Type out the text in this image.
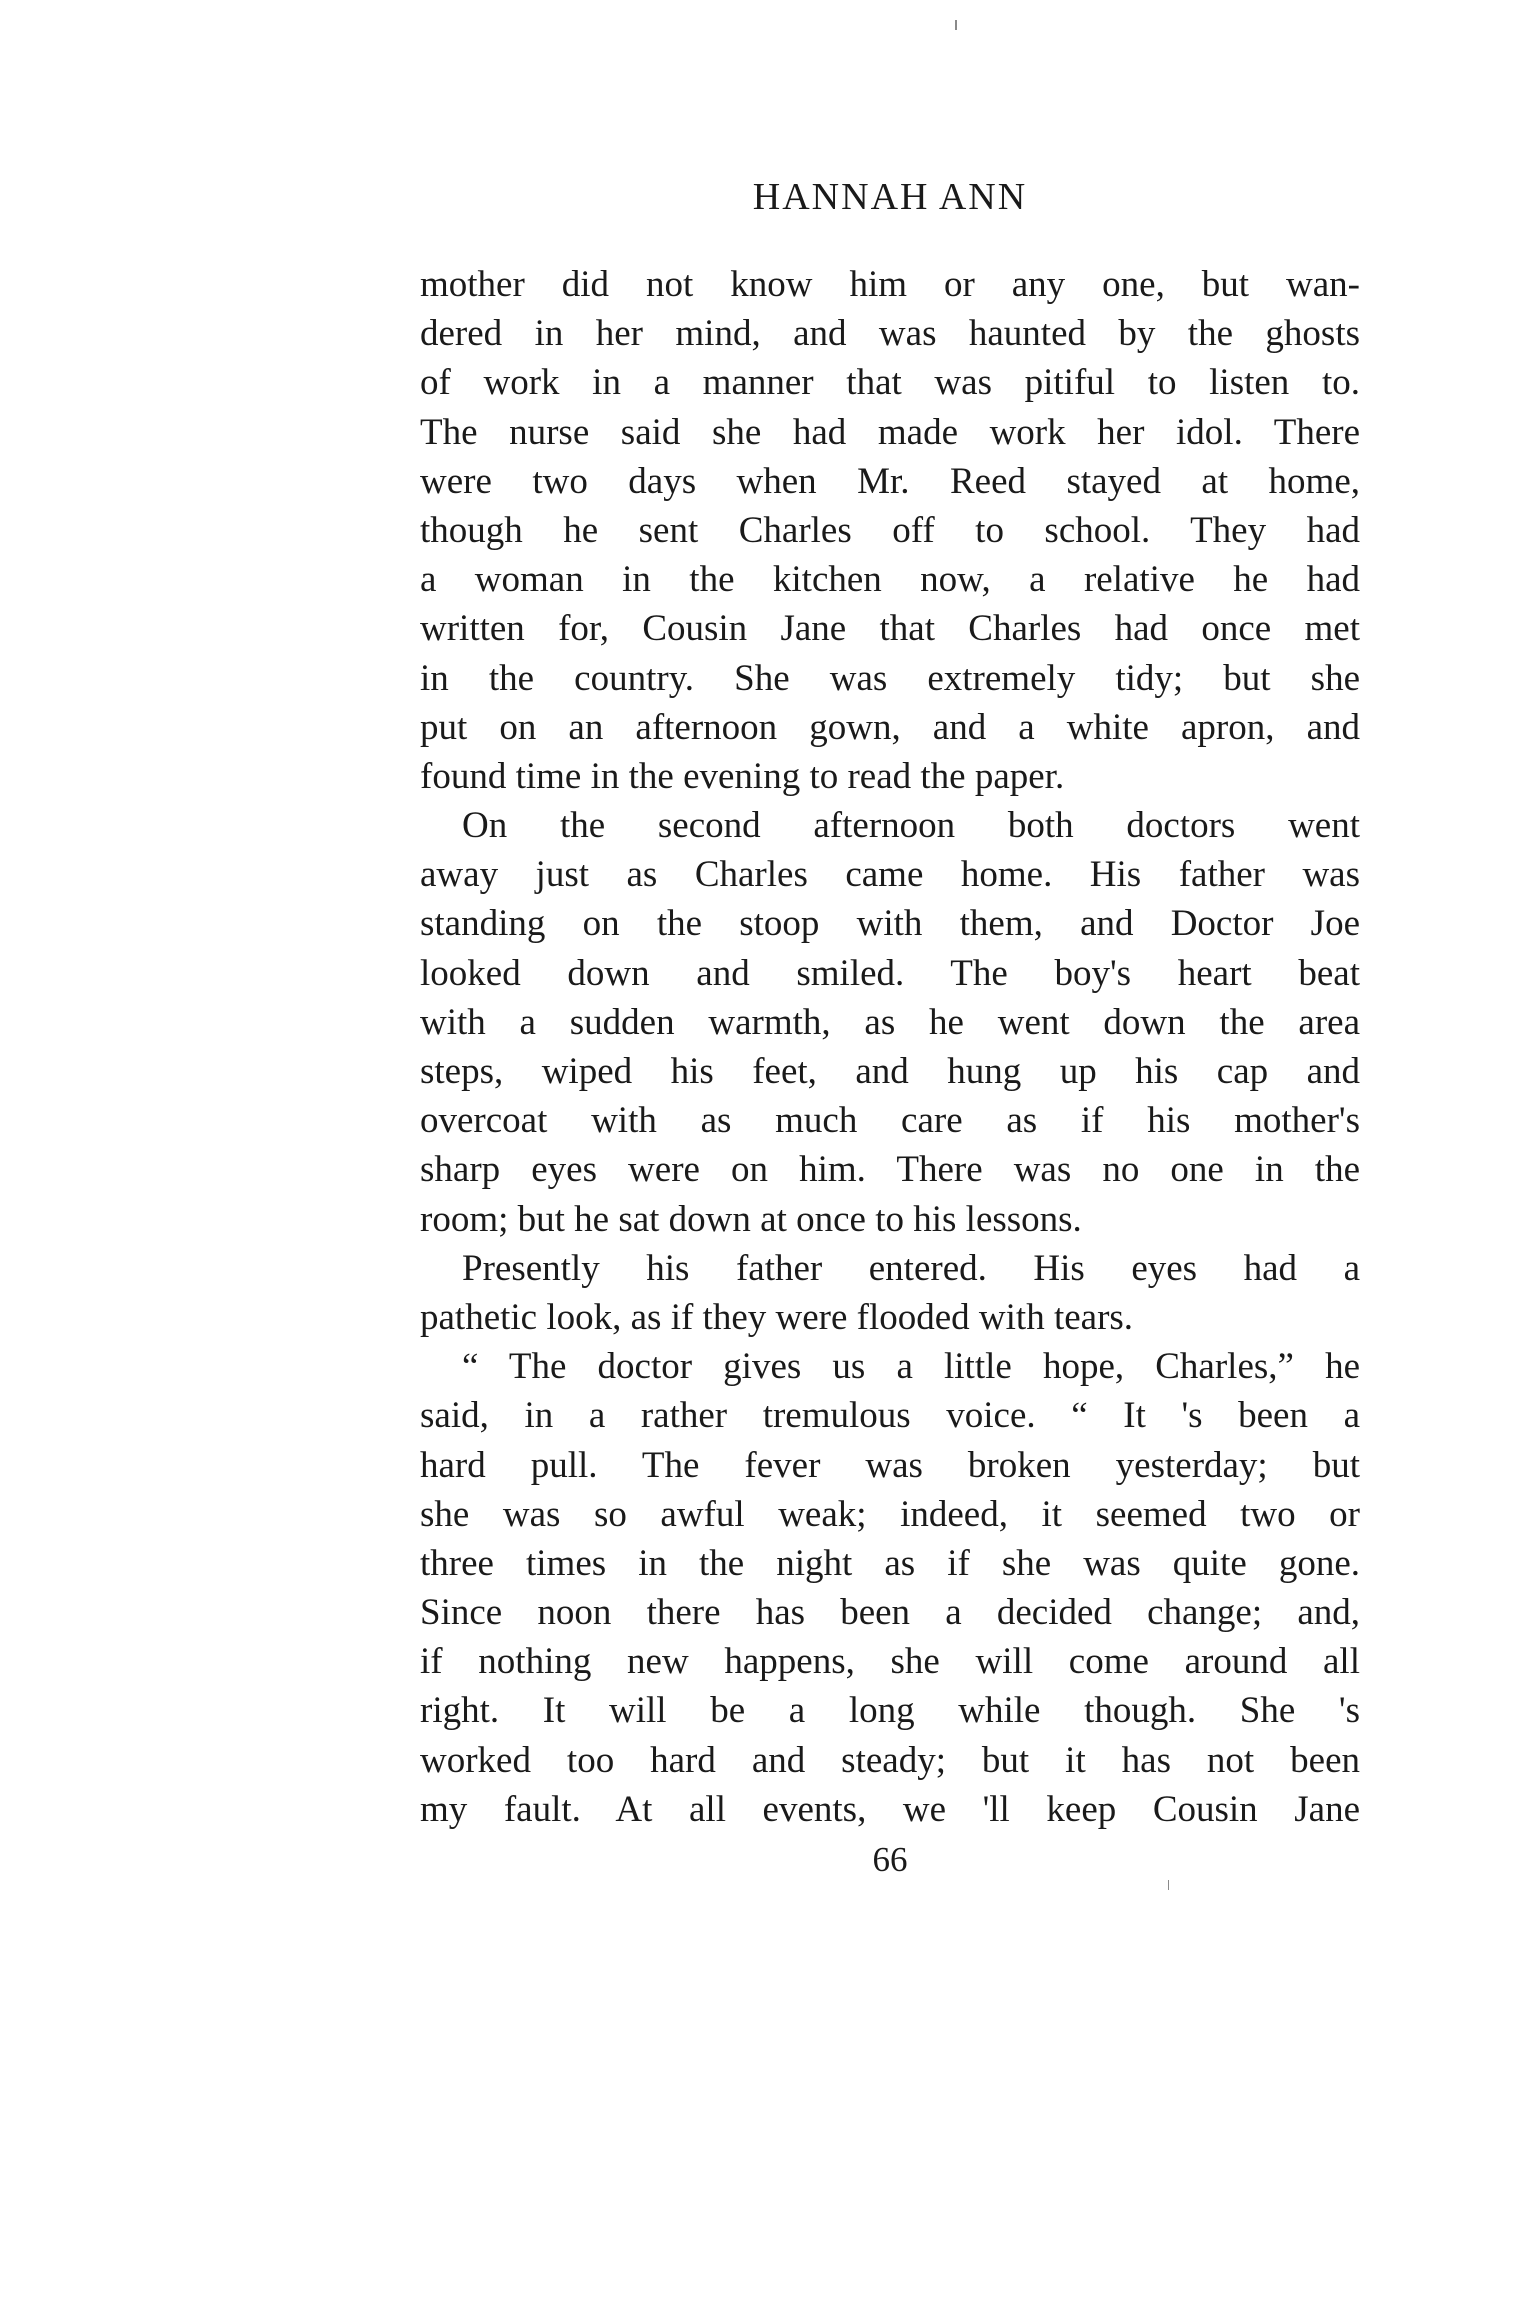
HANNAH ANN

mother did not know him or any one, but wan-
dered in her mind, and was haunted by the ghosts
of work in a manner that was pitiful to listen to.
The nurse said she had made work her idol. There
were two days when Mr. Reed stayed at home,
though he sent Charles off to school. They had
a woman in the kitchen now, a relative he had
written for, Cousin Jane that Charles had once met
in the country. She was extremely tidy; but she
put on an afternoon gown, and a white apron, and
found time in the evening to read the paper.

On the second afternoon both doctors went
away just as Charles came home. His father was
standing on the stoop with them, and Doctor Joe
looked down and smiled. The boy's heart beat
with a sudden warmth, as he went down the area
steps, wiped his feet, and hung up his cap and
overcoat with as much care as if his mother's
sharp eyes were on him. There was no one in the
room; but he sat down at once to his lessons.

Presently his father entered. His eyes had a
pathetic look, as if they were flooded with tears.

“ The doctor gives us a little hope, Charles,” he
said, in a rather tremulous voice. “ It 's been a
hard pull. The fever was broken yesterday; but
she was so awful weak; indeed, it seemed two or
three times in the night as if she was quite gone.
Since noon there has been a decided change; and,
if nothing new happens, she will come around all
right. It will be a long while though. She 's
worked too hard and steady; but it has not been
my fault. At all events, we 'll keep Cousin Jane

66
